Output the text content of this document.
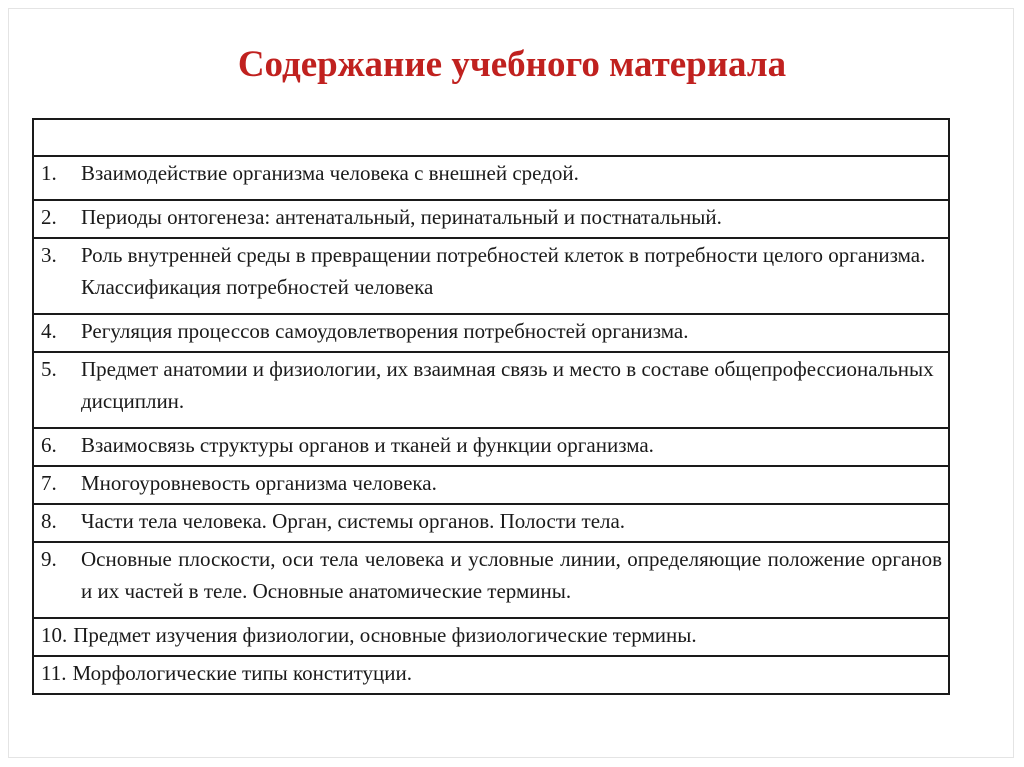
Содержание учебного материала

1.	Взаимодействие организма человека с внешней средой.

2.	Периоды онтогенеза: антенатальный, перинатальный и постнатальный.

3.	Роль внутренней среды в превращении потребностей клеток в потребности целого организма. Классификация потребностей человека

4.	Регуляция процессов самоудовлетворения потребностей организма.

5.	Предмет анатомии и физиологии, их взаимная связь и место в составе общепрофессиональных дисциплин.

6.	Взаимосвязь структуры органов и тканей и функции организма.

7.	Многоуровневость организма человека.

8.	Части тела человека. Орган, системы органов. Полости тела.

9.	Основные плоскости, оси тела человека и условные линии, определяющие положение органов и их частей в теле. Основные анатомические термины.

10. Предмет изучения физиологии, основные физиологические термины.

11. Морфологические типы конституции.
